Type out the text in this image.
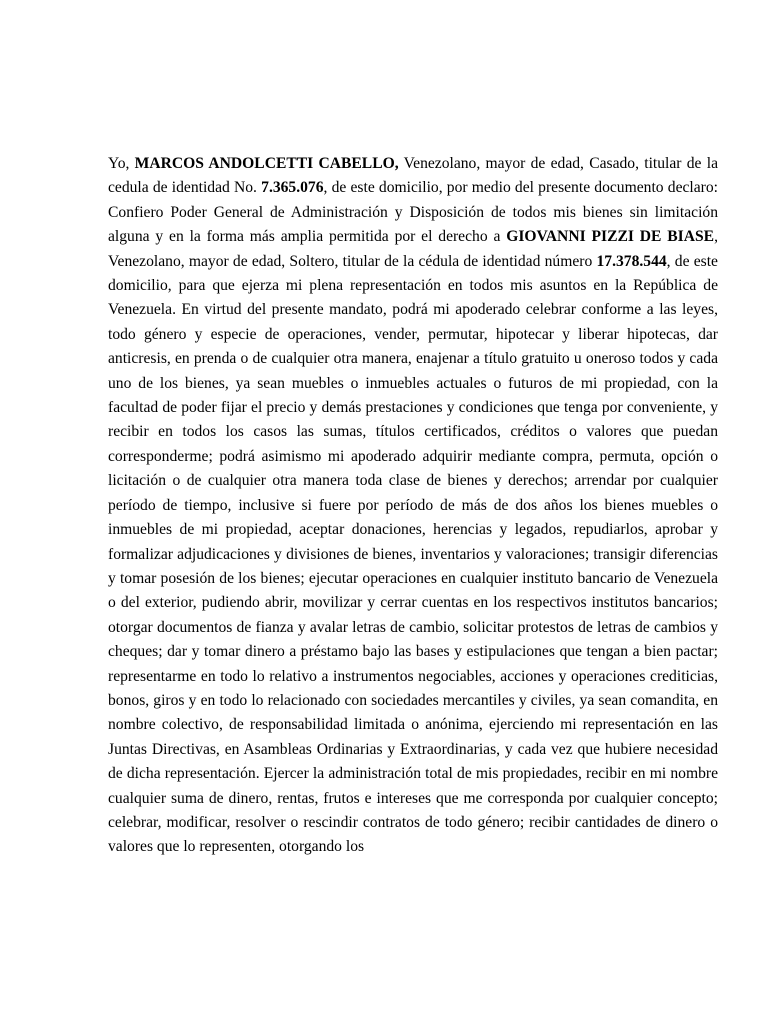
Yo, MARCOS ANDOLCETTI CABELLO, Venezolano, mayor de edad, Casado, titular de la cedula de identidad No. 7.365.076, de este domicilio, por medio del presente documento declaro: Confiero Poder General de Administración y Disposición de todos mis bienes sin limitación alguna y en la forma más amplia permitida por el derecho a GIOVANNI PIZZI DE BIASE, Venezolano, mayor de edad, Soltero, titular de la cédula de identidad número 17.378.544, de este domicilio, para que ejerza mi plena representación en todos mis asuntos en la República de Venezuela. En virtud del presente mandato, podrá mi apoderado celebrar conforme a las leyes, todo género y especie de operaciones, vender, permutar, hipotecar y liberar hipotecas, dar anticresis, en prenda o de cualquier otra manera, enajenar a título gratuito u oneroso todos y cada uno de los bienes, ya sean muebles o inmuebles actuales o futuros de mi propiedad, con la facultad de poder fijar el precio y demás prestaciones y condiciones que tenga por conveniente, y recibir en todos los casos las sumas, títulos certificados, créditos o valores que puedan corresponderme; podrá asimismo mi apoderado adquirir mediante compra, permuta, opción o licitación o de cualquier otra manera toda clase de bienes y derechos; arrendar por cualquier período de tiempo, inclusive si fuere por período de más de dos años los bienes muebles o inmuebles de mi propiedad, aceptar donaciones, herencias y legados, repudiarlos, aprobar y formalizar adjudicaciones y divisiones de bienes, inventarios y valoraciones; transigir diferencias y tomar posesión de los bienes; ejecutar operaciones en cualquier instituto bancario de Venezuela o del exterior, pudiendo abrir, movilizar y cerrar cuentas en los respectivos institutos bancarios; otorgar documentos de fianza y avalar letras de cambio, solicitar protestos de letras de cambios y cheques; dar y tomar dinero a préstamo bajo las bases y estipulaciones que tengan a bien pactar; representarme en todo lo relativo a instrumentos negociables, acciones y operaciones crediticias, bonos, giros y en todo lo relacionado con sociedades mercantiles y civiles, ya sean comandita, en nombre colectivo, de responsabilidad limitada o anónima, ejerciendo mi representación en las Juntas Directivas, en Asambleas Ordinarias y Extraordinarias, y cada vez que hubiere necesidad de dicha representación. Ejercer la administración total de mis propiedades, recibir en mi nombre cualquier suma de dinero, rentas, frutos e intereses que me corresponda por cualquier concepto; celebrar, modificar, resolver o rescindir contratos de todo género; recibir cantidades de dinero o valores que lo representen, otorgando los
